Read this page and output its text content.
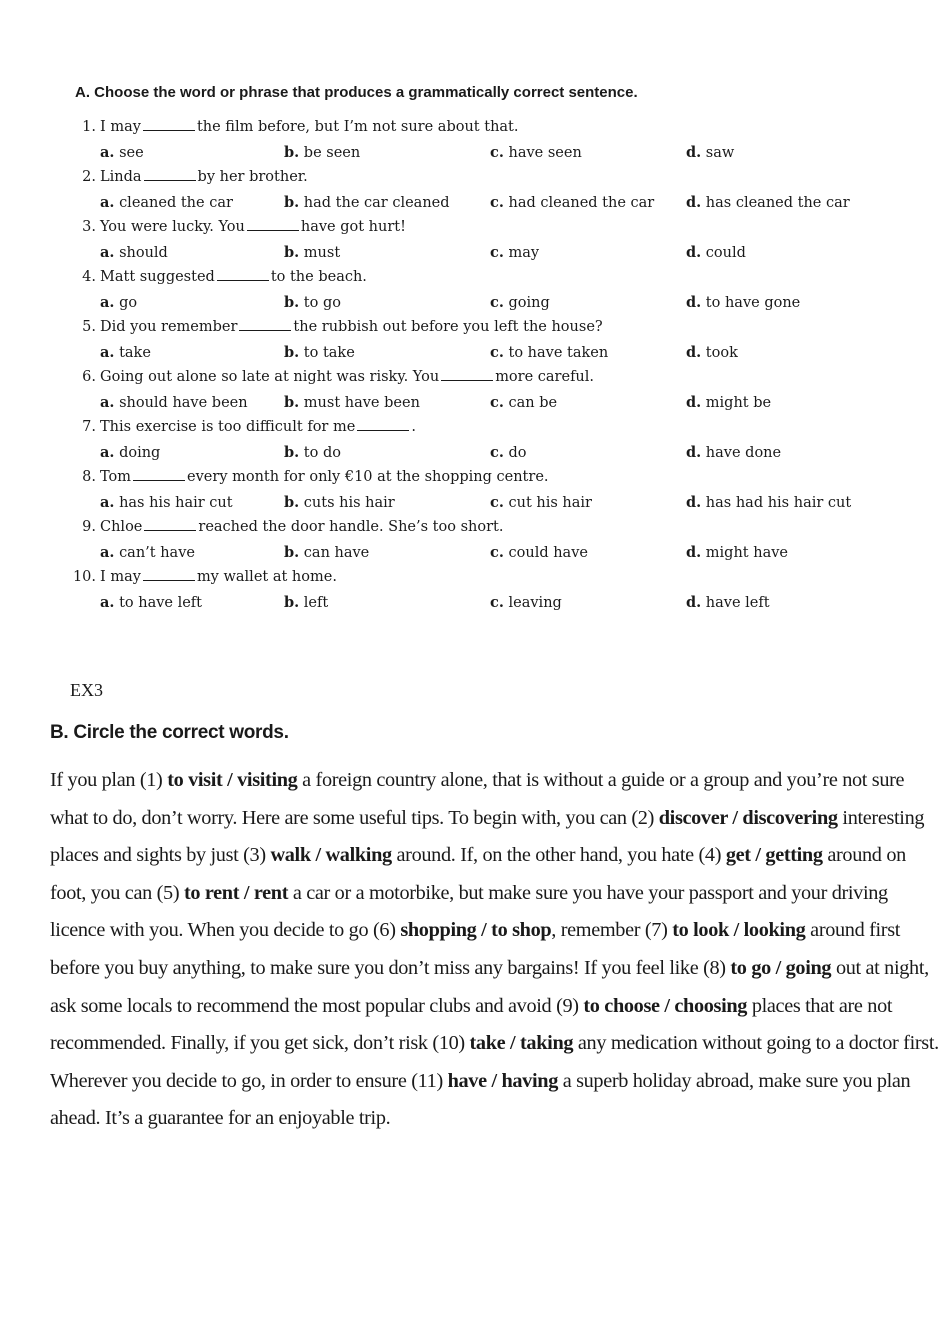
A. Choose the word or phrase that produces a grammatically correct sentence.
1. I may	the film before, but I’m not sure about that.
a. see	b. be seen	c. have seen	d. saw
2. Linda	by her brother.
a. cleaned the car	b. had the car cleaned	c. had cleaned the car d. has cleaned the car
3. You were lucky. You	have got hurt!
a. should	b. must	c. may	d. could
4. Matt suggested	to the beach.
a. go	b. to go	c. going	d. to have gone
5. Did you remember	the rubbish out before you left the house?
a. take	b. to take	c. to have taken	d. took
6. Going out alone so late at night was risky. You	more careful.
a. should have been	b. must have been	c. can be	d. might be
7. This exercise is too difficult for me	.
a. doing	b. to do	c. do	d. have done
8. Tom	every month for only €10 at the shopping centre.
a. has his hair cut	b. cuts his hair	c. cut his hair	d. has had his hair cut
9. Chloe	reached the door handle. She’s too short.
a. can’t have	b. can have	c. could have	d. might have
10. I may	my wallet at home.
a. to have left	b. left	c. leaving	d. have left
EX3
B. Circle the correct words.
If you plan (1) to visit / visiting a foreign country alone, that is without a guide or a group and you’re not sure
what to do, don’t worry. Here are some useful tips. To begin with, you can (2) discover / discovering interesting
places and sights by just (3) walk / walking around. If, on the other hand, you hate (4) get / getting around on
foot, you can (5) to rent / rent a car or a motorbike, but make sure you have your passport and your driving
licence with you. When you decide to go (6) shopping / to shop, remember (7) to look / looking around first
before you buy anything, to make sure you don’t miss any bargains! If you feel like (8) to go / going out at night,
ask some locals to recommend the most popular clubs and avoid (9) to choose / choosing places that are not
recommended. Finally, if you get sick, don’t risk (10) take / taking any medication without going to a doctor first.
Wherever you decide to go, in order to ensure (11) have / having a superb holiday abroad, make sure you plan
ahead. It’s a guarantee for an enjoyable trip.
